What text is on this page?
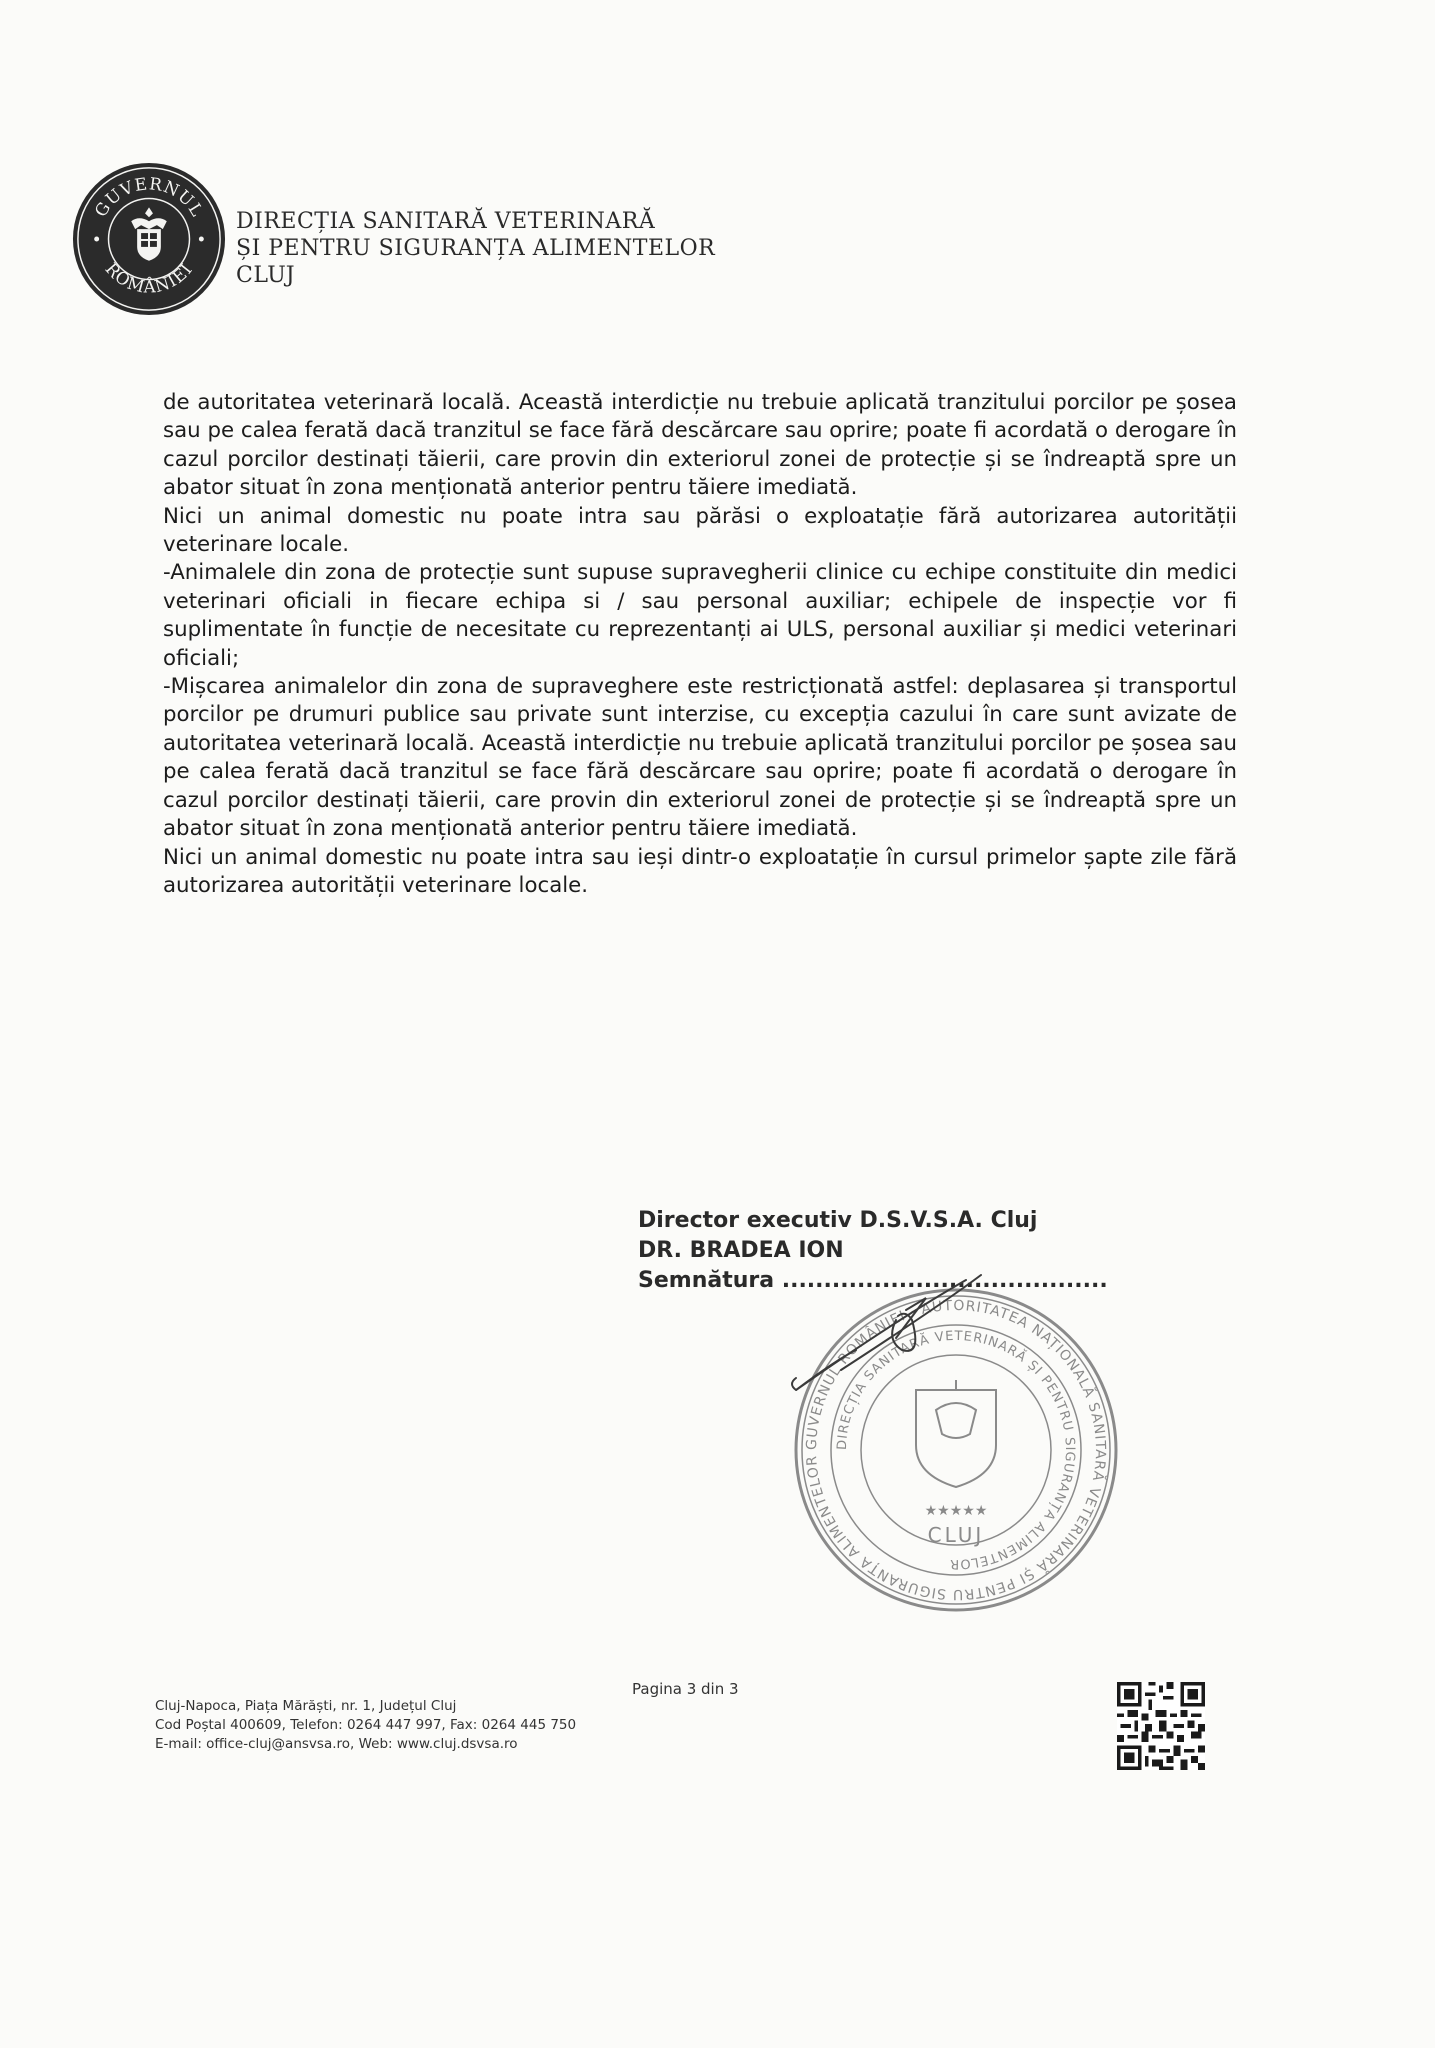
GUVERNUL
ROMÂNIEI
DIRECȚIA SANITARĂ VETERINARĂ
ȘI PENTRU SIGURANȚA ALIMENTELOR
CLUJ

de autoritatea veterinară locală. Această interdicție nu trebuie aplicată tranzitului porcilor pe șosea sau pe calea ferată dacă tranzitul se face fără descărcare sau oprire; poate fi acordată o derogare în cazul porcilor destinați tăierii, care provin din exteriorul zonei de protecție și se îndreaptă spre un abator situat în zona menționată anterior pentru tăiere imediată.

Nici un animal domestic nu poate intra sau părăsi o exploatație fără autorizarea autorității veterinare locale.

-Animalele din zona de protecție sunt supuse supravegherii clinice cu echipe constituite din medici veterinari oficiali in fiecare echipa si / sau personal auxiliar; echipele de inspecție vor fi suplimentate în funcție de necesitate cu reprezentanți ai ULS, personal auxiliar și medici veterinari oficiali;

-Mișcarea animalelor din zona de supraveghere este restricționată astfel: deplasarea și transportul porcilor pe drumuri publice sau private sunt interzise, cu excepția cazului în care sunt avizate de autoritatea veterinară locală. Această interdicție nu trebuie aplicată tranzitului porcilor pe șosea sau pe calea ferată dacă tranzitul se face fără descărcare sau oprire; poate fi acordată o derogare în cazul porcilor destinați tăierii, care provin din exteriorul zonei de protecție și se îndreaptă spre un abator situat în zona menționată anterior pentru tăiere imediată.

Nici un animal domestic nu poate intra sau ieși dintr-o exploatație în cursul primelor șapte zile fără autorizarea autorității veterinare locale.

Director executiv D.S.V.S.A. Cluj
DR. BRADEA ION
Semnătura .......................................
GUVERNUL ROMÂNIEI · AUTORITATEA NAȚIONALĂ SANITARĂ VETERINARĂ ȘI PENTRU SIGURANȚA ALIMENTELOR
DIRECȚIA SANITARĂ VETERINARĂ ȘI PENTRU SIGURANȚA ALIMENTELOR
★★★★★
CLUJ
Pagina 3 din 3
Cluj-Napoca, Piața Mărăști, nr. 1, Județul Cluj
Cod Poștal 400609, Telefon: 0264 447 997, Fax: 0264 445 750
E-mail: office-cluj@ansvsa.ro, Web: www.cluj.dsvsa.ro
